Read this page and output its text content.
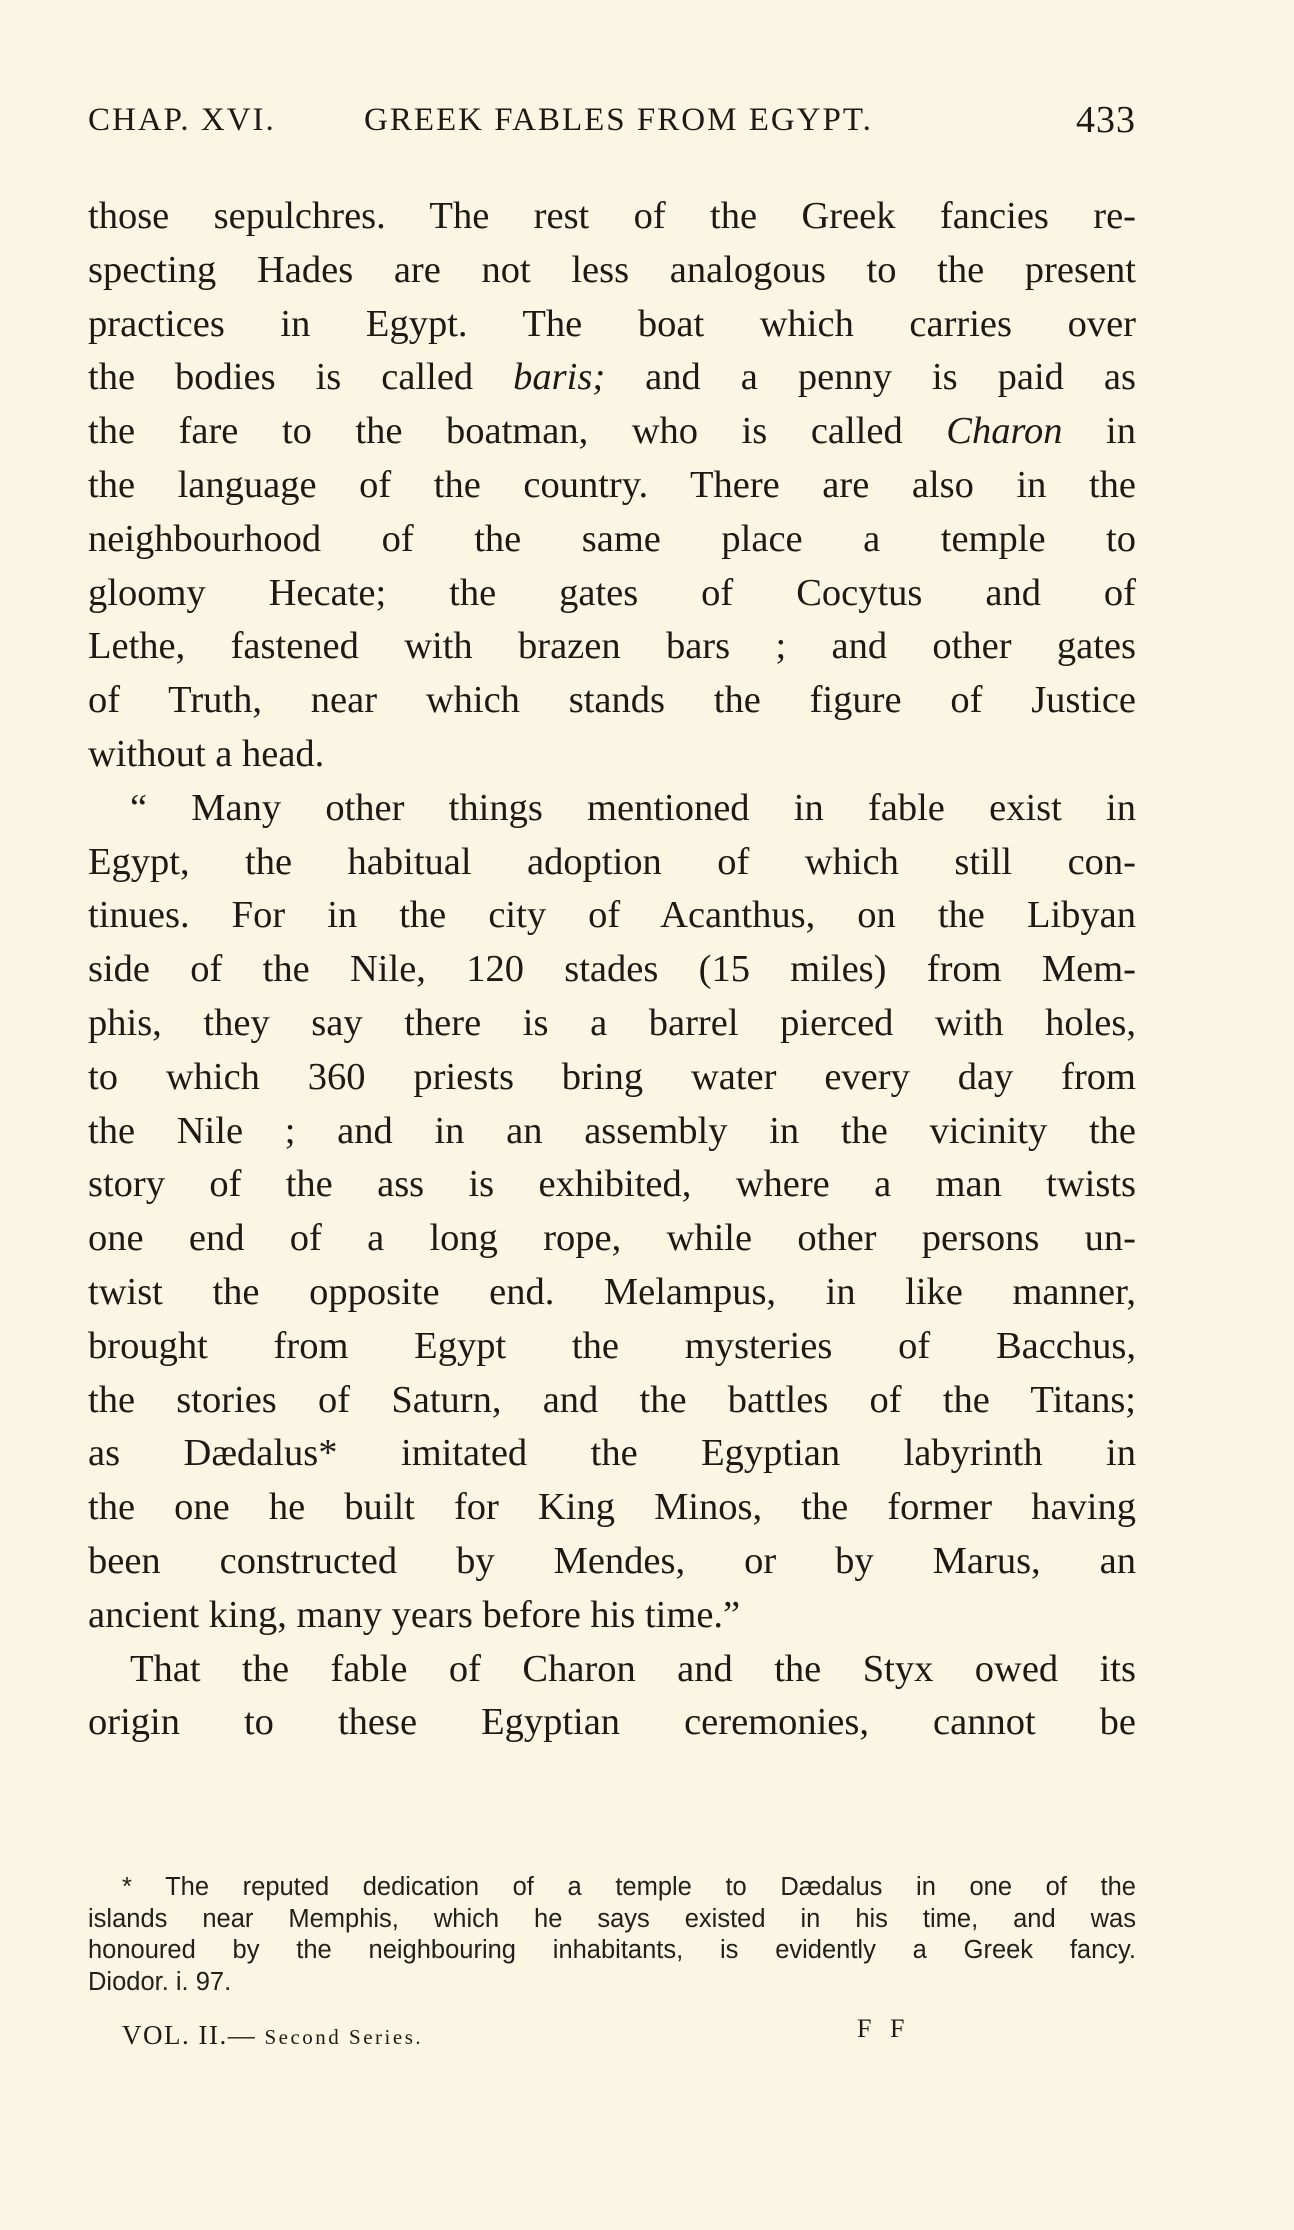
CHAP. XVI.	GREEK FABLES FROM EGYPT.	433
those sepulchres. The rest of the Greek fancies re-
specting Hades are not less analogous to the present
practices in Egypt. The boat which carries over
the bodies is called baris; and a penny is paid as
the fare to the boatman, who is called Charon in
the language of the country. There are also in the
neighbourhood of the same place a temple to
gloomy Hecate; the gates of Cocytus and of
Lethe, fastened with brazen bars ; and other gates
of Truth, near which stands the figure of Justice
without a head.
“ Many other things mentioned in fable exist in
Egypt, the habitual adoption of which still con-
tinues. For in the city of Acanthus, on the Libyan
side of the Nile, 120 stades (15 miles) from Mem-
phis, they say there is a barrel pierced with holes,
to which 360 priests bring water every day from
the Nile ; and in an assembly in the vicinity the
story of the ass is exhibited, where a man twists
one end of a long rope, while other persons un-
twist the opposite end. Melampus, in like manner,
brought from Egypt the mysteries of Bacchus,
the stories of Saturn, and the battles of the Titans;
as Dædalus* imitated the Egyptian labyrinth in
the one he built for King Minos, the former having
been constructed by Mendes, or by Marus, an
ancient king, many years before his time.”
That the fable of Charon and the Styx owed its
origin to these Egyptian ceremonies, cannot be
* The reputed dedication of a temple to Dædalus in one of the
islands near Memphis, which he says existed in his time, and was
honoured by the neighbouring inhabitants, is evidently a Greek fancy.
Diodor. i. 97.
VOL. II.— Second Series.	F F
